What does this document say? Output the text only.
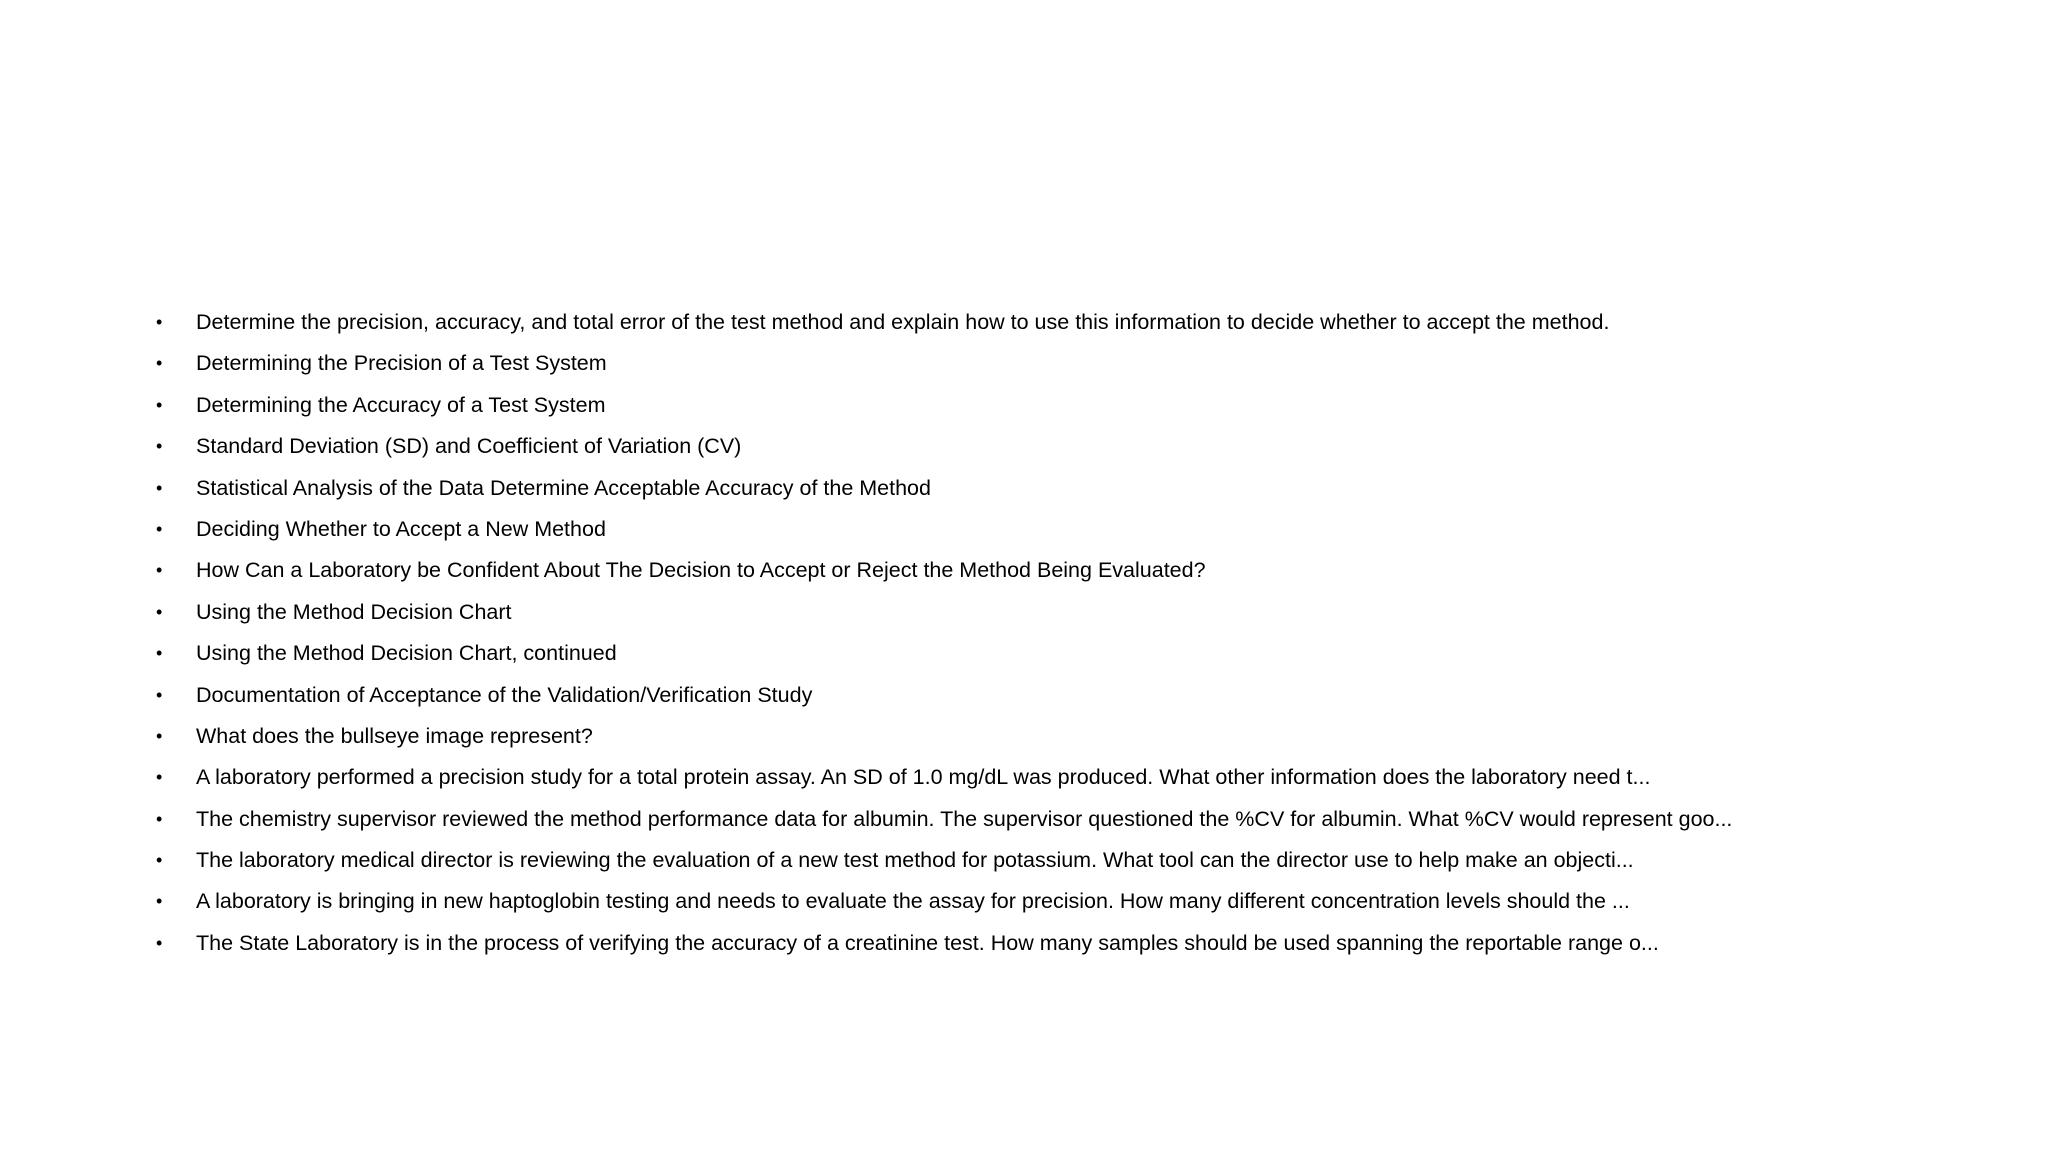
• Determine the precision, accuracy, and total error of the test method and explain how to use this information to decide whether to accept the method.
• Determining the Precision of a Test System
• Determining the Accuracy of a Test System
• Standard Deviation (SD) and Coefficient of Variation (CV)
• Statistical Analysis of the Data Determine Acceptable Accuracy of the Method
• Deciding Whether to Accept a New Method
• How Can a Laboratory be Confident About The Decision to Accept or Reject the Method Being Evaluated?
• Using the Method Decision Chart
• Using the Method Decision Chart, continued
• Documentation of Acceptance of the Validation/Verification Study
• What does the bullseye image represent?
• A laboratory performed a precision study for a total protein assay. An SD of 1.0 mg/dL was produced. What other information does the laboratory need t...
• The chemistry supervisor reviewed the method performance data for albumin. The supervisor questioned the %CV for albumin. What %CV would represent goo...
• The laboratory medical director is reviewing the evaluation of a new test method for potassium. What tool can the director use to help make an objecti...
• A laboratory is bringing in new haptoglobin testing and needs to evaluate the assay for precision. How many different concentration levels should the ...
• The State Laboratory is in the process of verifying the accuracy of a creatinine test. How many samples should be used spanning the reportable range o...
